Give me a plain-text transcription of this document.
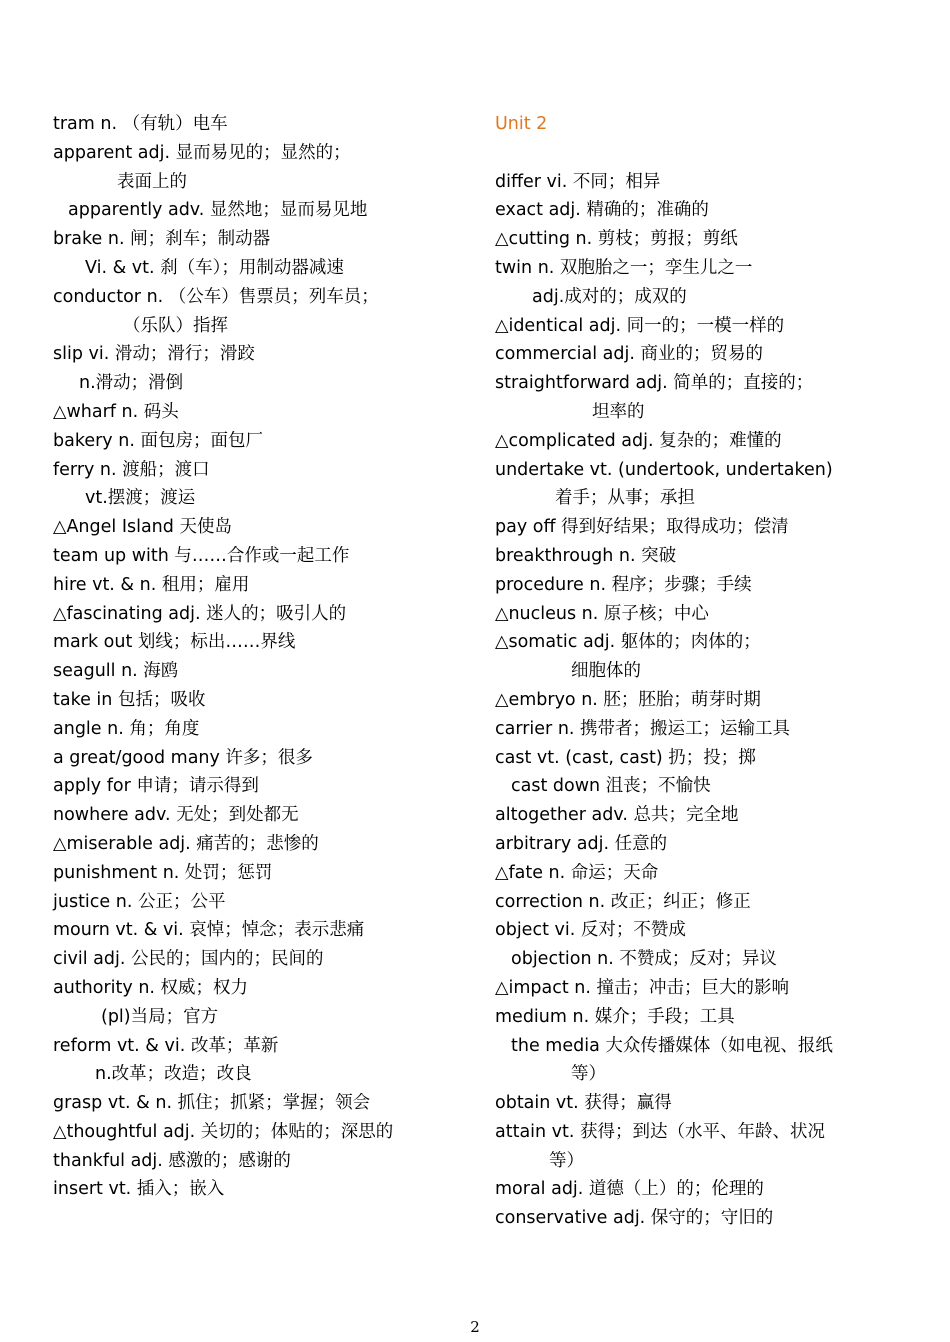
tram n. （有轨）电车
apparent adj. 显而易见的；显然的；
表面上的
apparently adv. 显然地；显而易见地
brake n. 闸；刹车；制动器
Vi. & vt. 刹（车）；用制动器减速
conductor n. （公车）售票员；列车员；
（乐队）指挥
slip vi. 滑动；滑行；滑跤
n.滑动；滑倒
△wharf n. 码头
bakery n. 面包房；面包厂
ferry n. 渡船；渡口
vt.摆渡；渡运
△Angel Island 天使岛
team up with 与……合作或一起工作
hire vt. & n. 租用；雇用
△fascinating adj. 迷人的；吸引人的
mark out 划线；标出……界线
seagull n. 海鸥
take in 包括；吸收
angle n. 角；角度
a great/good many 许多；很多
apply for 申请；请示得到
nowhere adv. 无处；到处都无
△miserable adj. 痛苦的；悲惨的
punishment n. 处罚；惩罚
justice n. 公正；公平
mourn vt. & vi. 哀悼；悼念；表示悲痛
civil adj. 公民的；国内的；民间的
authority n. 权威；权力
(pl)当局；官方
reform vt. & vi. 改革；革新
n.改革；改造；改良
grasp vt. & n. 抓住；抓紧；掌握；领会
△thoughtful adj. 关切的；体贴的；深思的
thankful adj. 感激的；感谢的
insert vt. 插入；嵌入
Unit 2
differ vi. 不同；相异
exact adj. 精确的；准确的
△cutting n. 剪枝；剪报；剪纸
twin n. 双胞胎之一；孪生儿之一
adj.成对的；成双的
△identical adj. 同一的；一模一样的
commercial adj. 商业的；贸易的
straightforward adj. 简单的；直接的；
坦率的
△complicated adj. 复杂的；难懂的
undertake vt. (undertook, undertaken)
着手；从事；承担
pay off 得到好结果；取得成功；偿清
breakthrough n. 突破
procedure n. 程序；步骤；手续
△nucleus n. 原子核；中心
△somatic adj. 躯体的；肉体的；
细胞体的
△embryo n. 胚；胚胎；萌芽时期
carrier n. 携带者；搬运工；运输工具
cast vt. (cast, cast) 扔；投；掷
cast down 沮丧；不愉快
altogether adv. 总共；完全地
arbitrary adj. 任意的
△fate n. 命运；天命
correction n. 改正；纠正；修正
object vi. 反对；不赞成
objection n. 不赞成；反对；异议
△impact n. 撞击；冲击；巨大的影响
medium n. 媒介；手段；工具
the media 大众传播媒体（如电视、报纸
等）
obtain vt. 获得；赢得
attain vt. 获得；到达（水平、年龄、状况
等）
moral adj. 道德（上）的；伦理的
conservative adj. 保守的；守旧的
2
